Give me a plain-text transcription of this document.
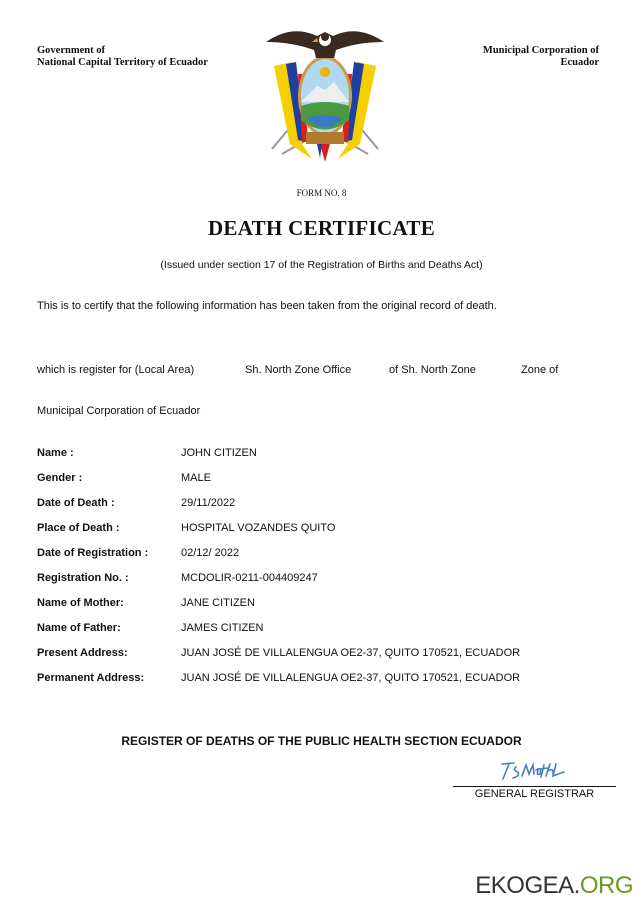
Government of
National Capital Territory of Ecuador
Municipal Corporation of
Ecuador
FORM NO. 8
DEATH CERTIFICATE
(Issued under section 17 of the Registration of Births and Deaths Act)
This is to certify that the following information has been taken from the original record of death.
which is register for (Local Area)	Sh. North Zone Office	of Sh. North Zone	Zone of
Municipal Corporation of Ecuador
Name :	JOHN CITIZEN
Gender :	MALE
Date of Death :	29/11/2022
Place of Death :	HOSPITAL VOZANDES QUITO
Date of Registration :	02/12/ 2022
Registration No. :	MCDOLIR-0211-004409247
Name of Mother:	JANE CITIZEN
Name of Father:	JAMES CITIZEN
Present Address:	JUAN JOSÉ DE VILLALENGUA OE2-37, QUITO 170521, ECUADOR
Permanent Address:	JUAN JOSÉ DE VILLALENGUA OE2-37, QUITO 170521, ECUADOR
REGISTER OF DEATHS OF THE PUBLIC HEALTH SECTION ECUADOR
GENERAL REGISTRAR
EKOGEA.ORG
